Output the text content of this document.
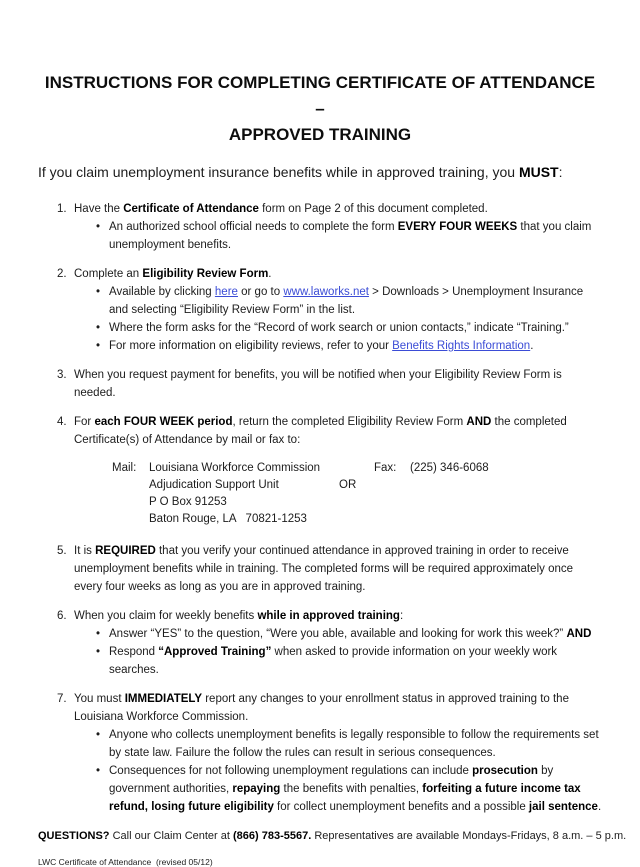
INSTRUCTIONS FOR COMPLETING CERTIFICATE OF ATTENDANCE –
APPROVED TRAINING

If you claim unemployment insurance benefits while in approved training, you MUST:

1. Have the Certificate of Attendance form on Page 2 of this document completed.

• An authorized school official needs to complete the form EVERY FOUR WEEKS that you claim unemployment benefits.

2. Complete an Eligibility Review Form.

• Available by clicking here or go to www.laworks.net > Downloads > Unemployment Insurance and selecting “Eligibility Review Form” in the list.

• Where the form asks for the “Record of work search or union contacts,” indicate “Training.”

• For more information on eligibility reviews, refer to your Benefits Rights Information.

3. When you request payment for benefits, you will be notified when your Eligibility Review Form is needed.

4. For each FOUR WEEK period, return the completed Eligibility Review Form AND the completed Certificate(s) of Attendance by mail or fax to:

Mail:	Louisiana Workforce Commission	Fax:	(225) 346-6068
Adjudication Support Unit	OR
P O Box 91253
Baton Rouge, LA   70821-1253
5. It is REQUIRED that you verify your continued attendance in approved training in order to receive unemployment benefits while in training. The completed forms will be required approximately once every four weeks as long as you are in approved training.

6. When you claim for weekly benefits while in approved training:

• Answer “YES” to the question, “Were you able, available and looking for work this week?” AND

• Respond “Approved Training” when asked to provide information on your weekly work searches.

7. You must IMMEDIATELY report any changes to your enrollment status in approved training to the Louisiana Workforce Commission.

• Anyone who collects unemployment benefits is legally responsible to follow the requirements set by state law. Failure the follow the rules can result in serious consequences.

• Consequences for not following unemployment regulations can include prosecution by government authorities, repaying the benefits with penalties, forfeiting a future income tax refund, losing future eligibility for collect unemployment benefits and a possible jail sentence.

QUESTIONS? Call our Claim Center at (866) 783-5567. Representatives are available Mondays-Fridays, 8 a.m. – 5 p.m.

LWC Certificate of Attendance  (revised 05/12)
